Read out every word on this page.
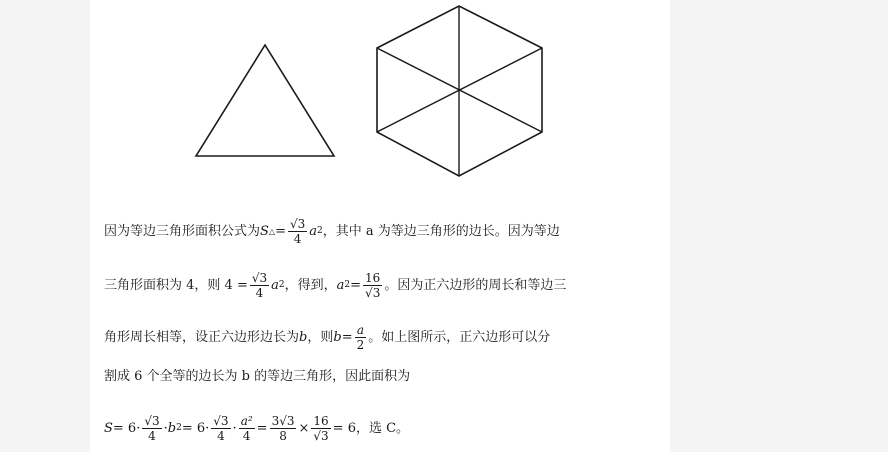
因为等边三角形面积公式为 S △ = $\frac{√3}{4}$ a 2 ，其中 a 为等边三角形的边长。因为等边
三角形面积为 4，则 $4 = \frac{√3}{4}$ a 2 ，得到， a $2 = \frac{16}{√3}$ 。因为正六边形的周长和等边三
角形周长相等，设正六边形边长为 b ，则 $b = \frac{a}{2}$ 。如上图所示，正六边形可以分
割成 6 个全等的边长为 b 的等边三角形，因此面积为
$S = 6\cdot \frac{√3}{4} \cdot b$ $2 = 6\cdot \frac{√3}{4} \cdot \frac{\text{a²}}{4} = \frac{3√3}{8} \times \frac{16}{√3} = 6$ ，选 C。
